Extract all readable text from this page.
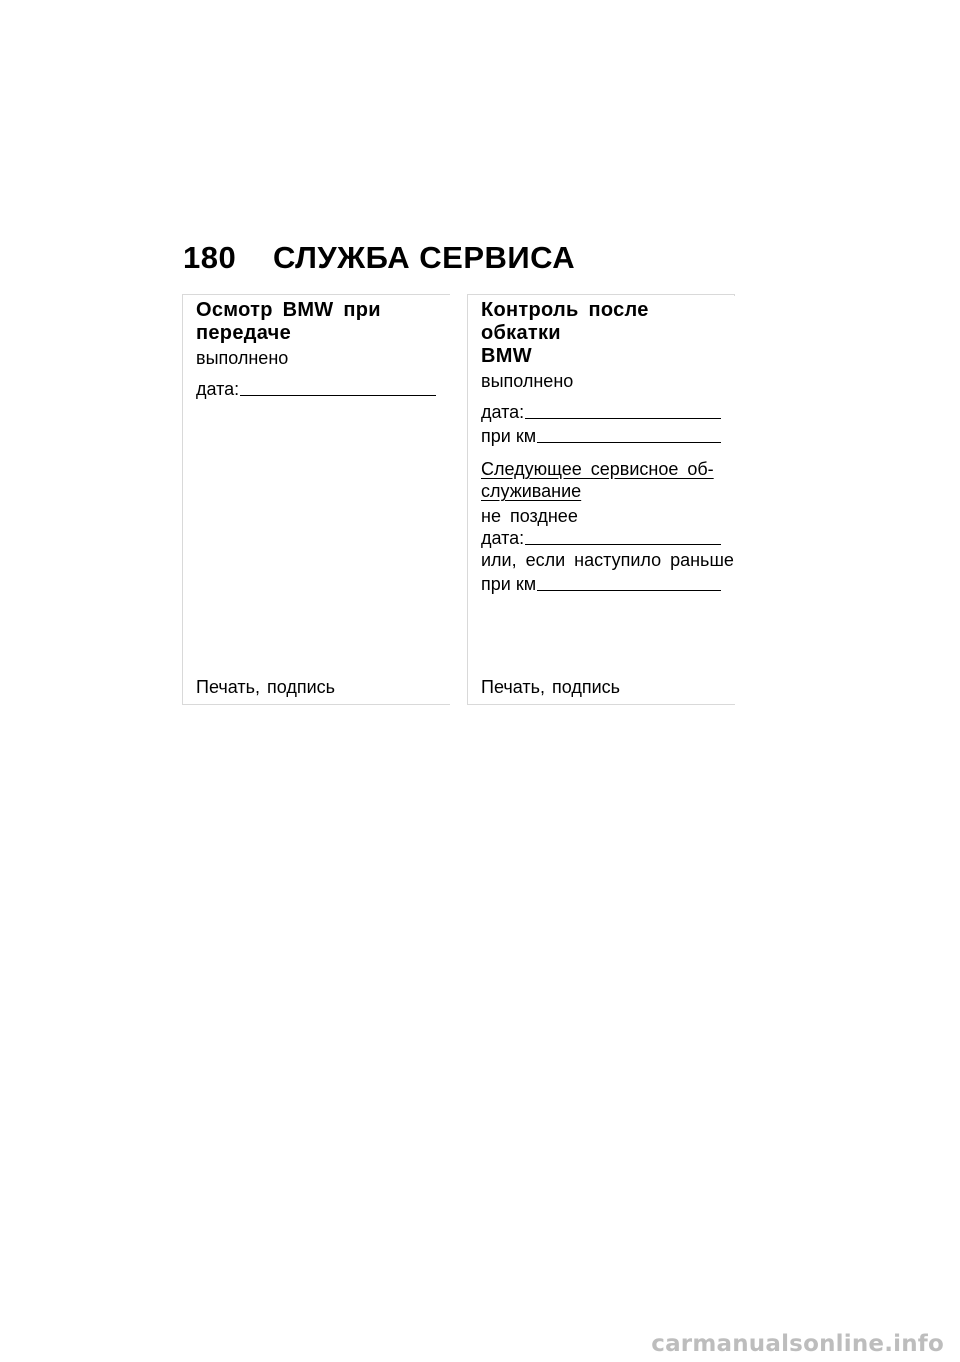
180 СЛУЖБА СЕРВИСА
Осмотр BMW при
передаче
выполнено
дата:
Печать, подпись
Контроль после обкатки
BMW
выполнено
дата:
при км
Следующее сервисное об-
служивание
не позднее
дата:
или, если наступило раньше
при км
Печать, подпись
carmanualsonline.info
